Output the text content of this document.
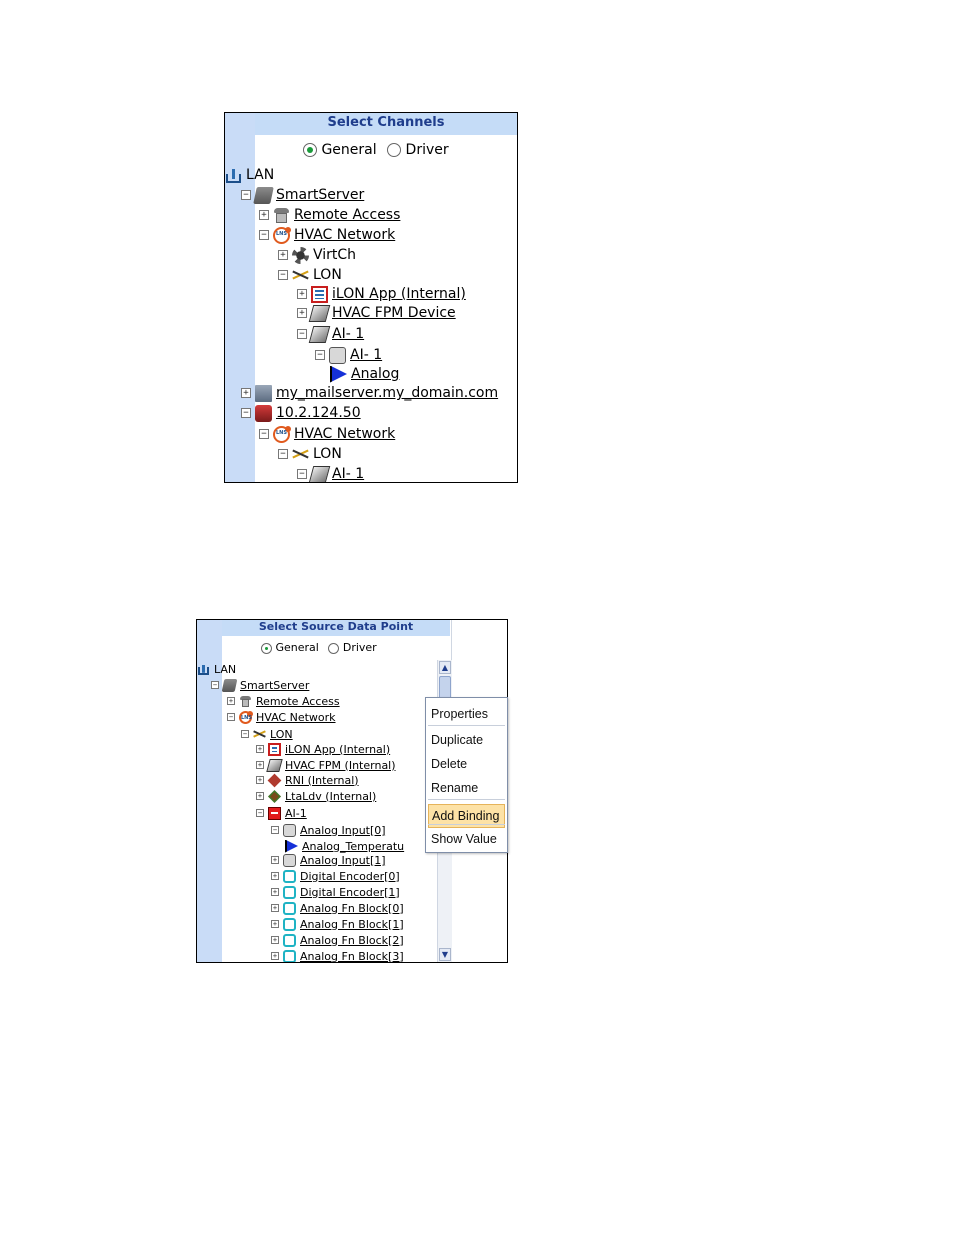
Select Channels
General Driver
LAN
− SmartServer
+ Remote Access
− LNS HVAC Network
+ VirtCh
− LON
+ iLON App (Internal)
+ HVAC FPM Device
− AI- 1
− AI- 1
Analog
+ my_mailserver.my_domain.com
− 10.2.124.50
− LNS HVAC Network
− LON
− AI- 1
Select Source Data Point
General Driver
LAN
− SmartServer
+ Remote Access
− LNS HVAC Network
− LON
+ iLON App (Internal)
+ HVAC FPM (Internal)
+ RNI (Internal)
+ LtaLdv (Internal)
− AI-1
− Analog Input[0]
Analog_Temperatu
+ Analog Input[1]
+ Digital Encoder[0]
+ Digital Encoder[1]
+ Analog Fn Block[0]
+ Analog Fn Block[1]
+ Analog Fn Block[2]
+ Analog Fn Block[3]
▲
▼
Properties
Duplicate
Delete
Rename
Add Binding
Show Value
